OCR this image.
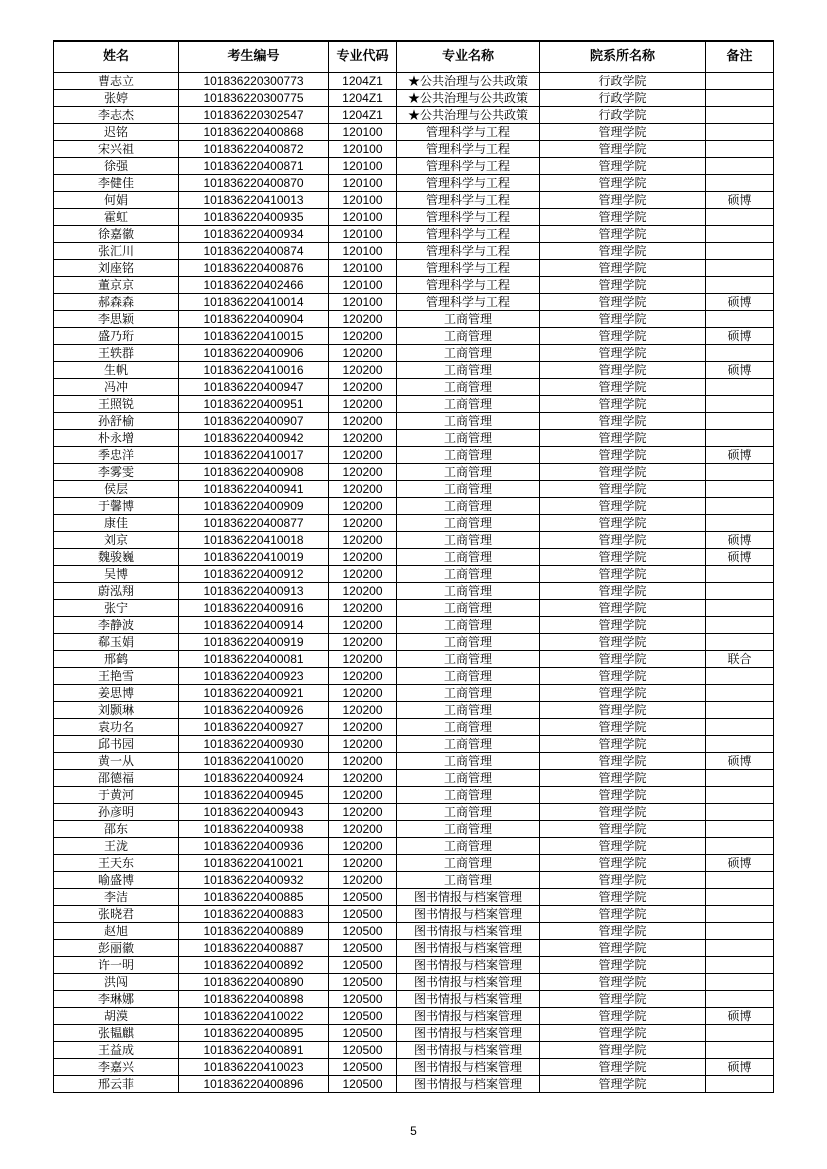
姓名	考生编号	专业代码	专业名称	院系所名称	备注
曹志立	101836220300773	1204Z1	★公共治理与公共政策	行政学院	
张婷	101836220300775	1204Z1	★公共治理与公共政策	行政学院	
李志杰	101836220302547	1204Z1	★公共治理与公共政策	行政学院	
迟铭	101836220400868	120100	管理科学与工程	管理学院	
宋兴祖	101836220400872	120100	管理科学与工程	管理学院	
徐强	101836220400871	120100	管理科学与工程	管理学院	
李健佳	101836220400870	120100	管理科学与工程	管理学院	
何娟	101836220410013	120100	管理科学与工程	管理学院	硕博
霍虹	101836220400935	120100	管理科学与工程	管理学院	
徐嘉徽	101836220400934	120100	管理科学与工程	管理学院	
张汇川	101836220400874	120100	管理科学与工程	管理学院	
刘座铭	101836220400876	120100	管理科学与工程	管理学院	
董京京	101836220402466	120100	管理科学与工程	管理学院	
郝森森	101836220410014	120100	管理科学与工程	管理学院	硕博
李思颖	101836220400904	120200	工商管理	管理学院	
盛乃珩	101836220410015	120200	工商管理	管理学院	硕博
王轶群	101836220400906	120200	工商管理	管理学院	
生帆	101836220410016	120200	工商管理	管理学院	硕博
冯冲	101836220400947	120200	工商管理	管理学院	
王照锐	101836220400951	120200	工商管理	管理学院	
孙舒榆	101836220400907	120200	工商管理	管理学院	
朴永增	101836220400942	120200	工商管理	管理学院	
季忠洋	101836220410017	120200	工商管理	管理学院	硕博
李雾雯	101836220400908	120200	工商管理	管理学院	
侯层	101836220400941	120200	工商管理	管理学院	
于馨博	101836220400909	120200	工商管理	管理学院	
康佳	101836220400877	120200	工商管理	管理学院	
刘京	101836220410018	120200	工商管理	管理学院	硕博
魏骏巍	101836220410019	120200	工商管理	管理学院	硕博
吴博	101836220400912	120200	工商管理	管理学院	
蔚泓翔	101836220400913	120200	工商管理	管理学院	
张宁	101836220400916	120200	工商管理	管理学院	
李静波	101836220400914	120200	工商管理	管理学院	
郗玉娟	101836220400919	120200	工商管理	管理学院	
邢鹤	101836220400081	120200	工商管理	管理学院	联合
王艳雪	101836220400923	120200	工商管理	管理学院	
姜思博	101836220400921	120200	工商管理	管理学院	
刘颢琳	101836220400926	120200	工商管理	管理学院	
袁功名	101836220400927	120200	工商管理	管理学院	
邱书园	101836220400930	120200	工商管理	管理学院	
黄一从	101836220410020	120200	工商管理	管理学院	硕博
邵德福	101836220400924	120200	工商管理	管理学院	
于黄河	101836220400945	120200	工商管理	管理学院	
孙彦明	101836220400943	120200	工商管理	管理学院	
邵东	101836220400938	120200	工商管理	管理学院	
王泷	101836220400936	120200	工商管理	管理学院	
王天东	101836220410021	120200	工商管理	管理学院	硕博
喻盛博	101836220400932	120200	工商管理	管理学院	
李洁	101836220400885	120500	图书情报与档案管理	管理学院	
张晓君	101836220400883	120500	图书情报与档案管理	管理学院	
赵旭	101836220400889	120500	图书情报与档案管理	管理学院	
彭丽徽	101836220400887	120500	图书情报与档案管理	管理学院	
许一明	101836220400892	120500	图书情报与档案管理	管理学院	
洪闯	101836220400890	120500	图书情报与档案管理	管理学院	
李琳娜	101836220400898	120500	图书情报与档案管理	管理学院	
胡漠	101836220410022	120500	图书情报与档案管理	管理学院	硕博
张韫麒	101836220400895	120500	图书情报与档案管理	管理学院	
王益成	101836220400891	120500	图书情报与档案管理	管理学院	
李嘉兴	101836220410023	120500	图书情报与档案管理	管理学院	硕博
邢云菲	101836220400896	120500	图书情报与档案管理	管理学院	
5
